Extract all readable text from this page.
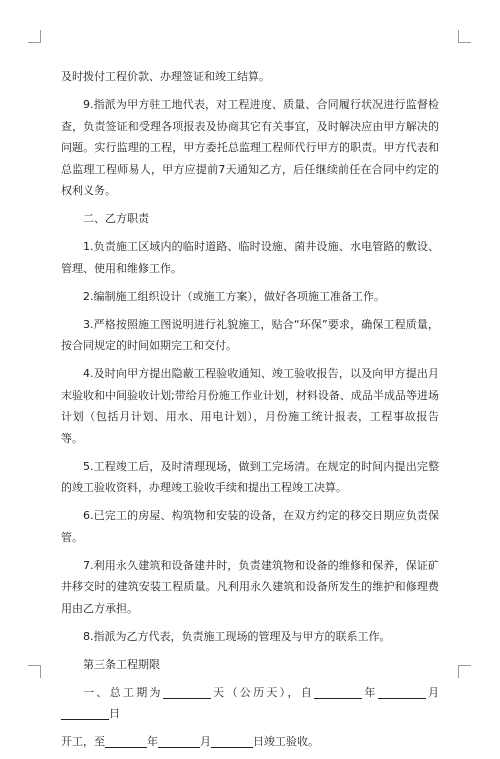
及时拨付工程价款、办理签证和竣工结算。

9.指派为甲方驻工地代表，对工程进度、质量、合同履行状况进行监督检查，负责签证和受理各项报表及协商其它有关事宜，及时解决应由甲方解决的问题。实行监理的工程，甲方委托总监理工程师代行甲方的职责。甲方代表和总监理工程师易人，甲方应提前7天通知乙方，后任继续前任在合同中约定的权利义务。

二、乙方职责

1.负责施工区域内的临时道路、临时设施、菌井设施、水电管路的敷设、管理、使用和维修工作。

2.编制施工组织设计（或施工方案），做好各项施工准备工作。

3.严格按照施工图说明进行礼貌施工，贴合“环保”要求，确保工程质量，按合同规定的时间如期完工和交付。

4.及时向甲方提出隐蔽工程验收通知、竣工验收报告，以及向甲方提出月末验收和中间验收计划;带给月份施工作业计划，材料设备、成品半成品等进场计划（包括月计划、用水、用电计划），月份施工统计报表，工程事故报告等。

5.工程竣工后，及时清理现场，做到工完场清。在规定的时间内提出完整的竣工验收资料，办理竣工验收手续和提出工程竣工决算。

6.已完工的房屋、构筑物和安装的设备，在双方约定的移交日期应负责保管。

7.利用永久建筑和设备建井时，负责建筑物和设备的维修和保养，保证矿井移交时的建筑安装工程质量。凡利用永久建筑和设备所发生的维护和修理费用由乙方承担。

8.指派为乙方代表，负责施工现场的管理及与甲方的联系工作。

第三条工程期限

一、总工期为	天（公历天），自	年	月日

开工，至	年	月	日竣工验收。
